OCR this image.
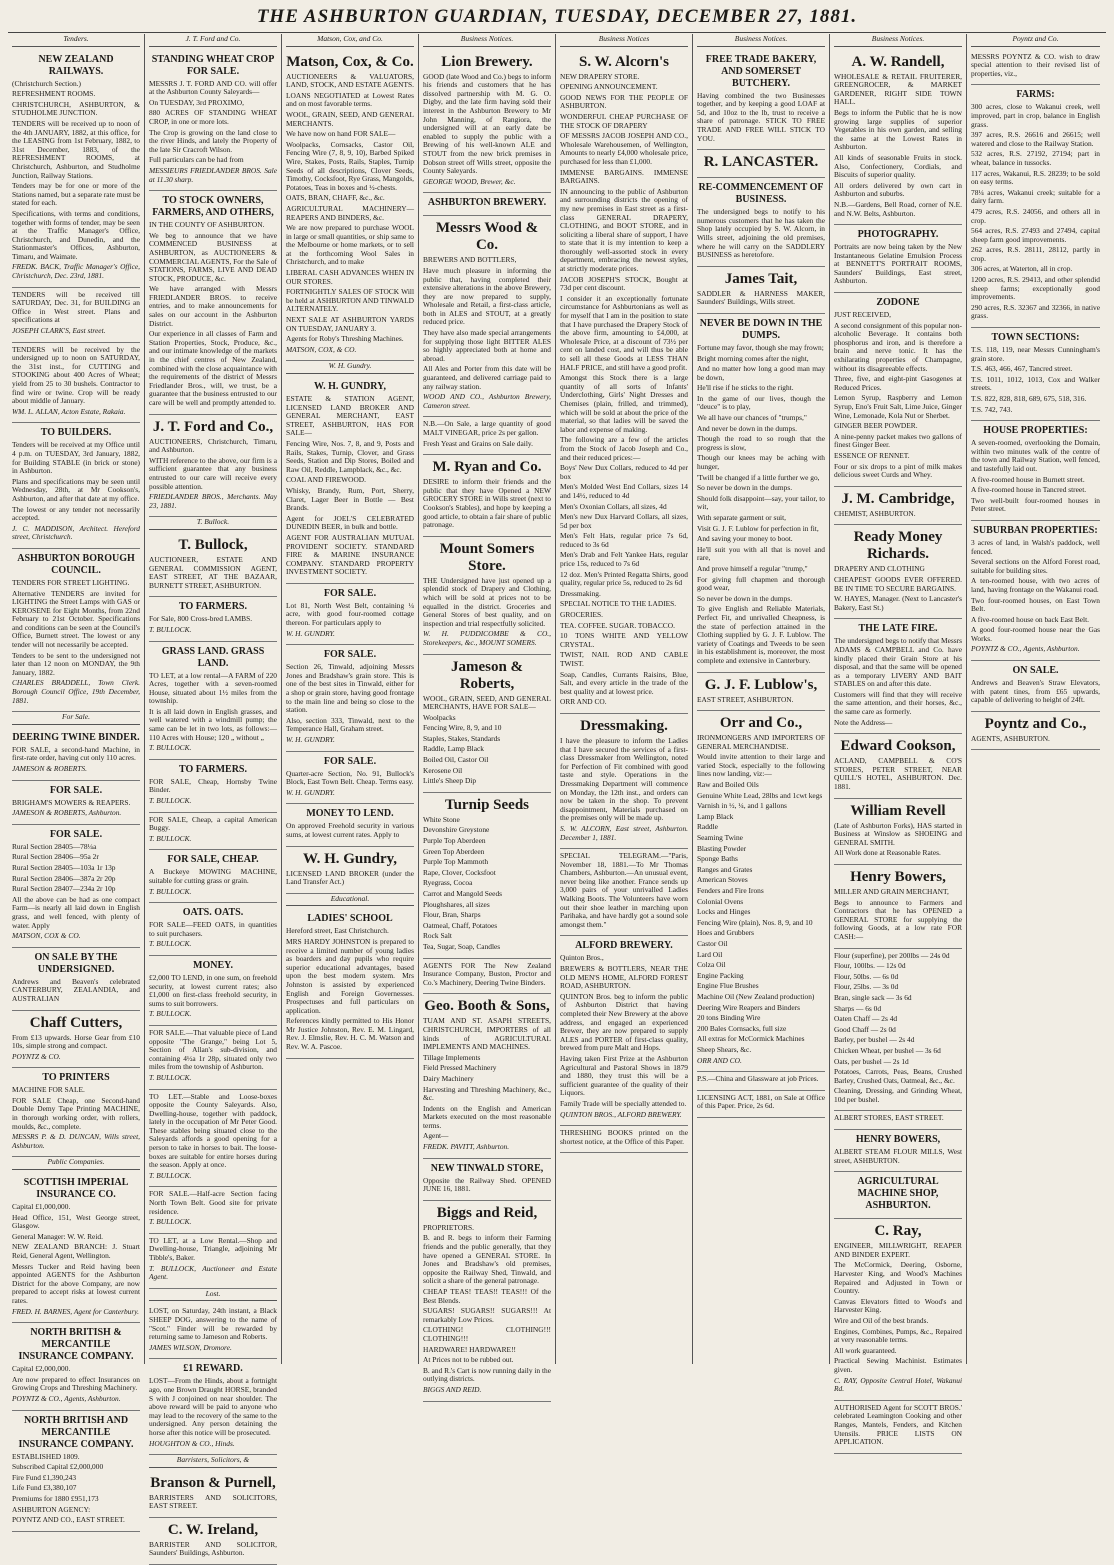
THE ASHBURTON GUARDIAN, TUESDAY, DECEMBER 27, 1881.
Tenders.
NEW ZEALAND RAILWAYS.

(Christchurch Section.)

REFRESHMENT ROOMS.

CHRISTCHURCH, ASHBURTON, & STUDHOLME JUNCTION.

TENDERS will be received up to noon of the 4th JANUARY, 1882, at this office, for the LEASING from 1st February, 1882, to 31st December, 1883, of the REFRESHMENT ROOMS, at Christchurch, Ashburton, and Studholme Junction, Railway Stations.

Tenders may be for one or more of the Stations named, but a separate rate must be stated for each.

Specifications, with terms and conditions, together with forms of tender, may be seen at the Traffic Manager's Office, Christchurch, and Dunedin, and the Stationmaster's Offices, Ashburton, Timaru, and Waimate.

FREDK. BACK, Traffic Manager's Office, Christchurch, Dec. 23rd, 1881.

TENDERS will be received till SATURDAY, Dec. 31, for BUILDING an Office in West street. Plans and specifications at

JOSEPH CLARK'S, East street.

TENDERS will be received by the undersigned up to noon on SATURDAY, the 31st inst., for CUTTING and STOOKING about 400 Acres of Wheat; yield from 25 to 30 bushels. Contractor to find wire or twine. Crop will be ready about middle of January.

WM. L. ALLAN, Acton Estate, Rakaia.

TO BUILDERS.

Tenders will be received at my Office until 4 p.m. on TUESDAY, 3rd January, 1882, for Building STABLE (in brick or stone) in Ashburton.

Plans and specifications may be seen until Wednesday, 28th, at Mr Cookson's, Ashburton, and after that date at my office.

The lowest or any tender not necessarily accepted.

J. C. MADDISON, Architect. Hereford street, Christchurch.

ASHBURTON BOROUGH COUNCIL.

TENDERS FOR STREET LIGHTING.

Alternative TENDERS are invited for LIGHTING the Street Lamps with GAS or KEROSENE for Eight Months, from 22nd February to 21st October. Specifications and conditions can be seen at the Council's Office, Burnett street. The lowest or any tender will not necessarily be accepted.

Tenders to be sent to the undersigned not later than 12 noon on MONDAY, the 9th January, 1882.

CHARLES BRADDELL, Town Clerk. Borough Council Office, 19th December, 1881.

For Sale.
DEERING TWINE BINDER.

FOR SALE, a second-hand Machine, in first-rate order, having cut only 110 acres.

JAMESON & ROBERTS.

FOR SALE.

BRIGHAM'S MOWERS & REAPERS.

JAMESON & ROBERTS, Ashburton.

FOR SALE.

Rural Section 28405—78¼a

Rural Section 28406—95a 2r

Rural Section 28405—103a 1r 13p

Rural Section 28406—387a 2r 20p

Rural Section 28407—234a 2r 10p

All the above can be had as one compact Farm—is nearly all laid down in English grass, and well fenced, with plenty of water. Apply

MATSON, COX & CO.

ON SALE BY THE UNDERSIGNED.

Andrews and Beaven's celebrated CANTERBURY, ZEALANDIA, and AUSTRALIAN

Chaff Cutters,

From £13 upwards. Horse Gear from £10 10s, simple strong and compact.

POYNTZ & CO.

TO PRINTERS

MACHINE FOR SALE.

FOR SALE Cheap, one Second-hand Double Demy Tape Printing MACHINE, in thorough working order, with rollers, moulds, &c., complete.

MESSRS P. & D. DUNCAN, Wills street, Ashburton.

Public Companies.
SCOTTISH IMPERIAL INSURANCE CO.

Capital £1,000,000.

Head Office, 151, West George street, Glasgow.

General Manager: W. W. Reid.

NEW ZEALAND BRANCH: J. Stuart Reid, General Agent, Wellington.

Messrs Tucker and Reid having been appointed AGENTS for the Ashburton District for the above Company, are now prepared to accept risks at lowest current rates.

FRED. H. BARNES, Agent for Canterbury.

NORTH BRITISH & MERCANTILE INSURANCE COMPANY.

Capital £2,000,000.

Are now prepared to effect Insurances on Growing Crops and Threshing Machinery.

POYNTZ & CO., Agents, Ashburton.

NORTH BRITISH AND MERCANTILE INSURANCE COMPANY.

ESTABLISHED 1809.

Subscribed Capital £2,000,000

Fire Fund £1,390,243

Life Fund £3,380,107

Premiums for 1880 £951,173

ASHBURTON AGENCY:

POYNTZ AND CO., EAST STREET.

J. T. Ford and Co.
STANDING WHEAT CROP FOR SALE.

MESSRS J. T. FORD AND CO. will offer at the Ashburton County Saleyards—

On TUESDAY, 3rd PROXIMO,

880 ACRES OF STANDING WHEAT CROP, in one or more lots.

The Crop is growing on the land close to the river Hinds, and lately the Property of the late Sir Cracroft Wilson.

Full particulars can be had from

MESSIEURS FRIEDLANDER BROS. Sale at 11.30 sharp.

TO STOCK OWNERS, FARMERS, AND OTHERS,

IN THE COUNTY OF ASHBURTON.

We beg to announce that we have COMMENCED BUSINESS at ASHBURTON, as AUCTIONEERS & COMMERCIAL AGENTS, For the Sale of STATIONS, FARMS, LIVE AND DEAD STOCK, PRODUCE, &c.

We have arranged with Messrs FRIEDLANDER BROS. to receive entries, and to make announcements for sales on our account in the Ashburton District.

Our experience in all classes of Farm and Station Properties, Stock, Produce, &c., and our intimate knowledge of the markets in the chief centres of New Zealand, combined with the close acquaintance with the requirements of the district of Messrs Friedlander Bros., will, we trust, be a guarantee that the business entrusted to our care will be well and promptly attended to.

J. T. Ford and Co.,

AUCTIONEERS, Christchurch, Timaru, and Ashburton.

WITH reference to the above, our firm is a sufficient guarantee that any business entrusted to our care will receive every possible attention.

FRIEDLANDER BROS., Merchants. May 23, 1881.

T. Bullock.
T. Bullock,

AUCTIONEER, ESTATE AND GENERAL COMMISSION AGENT, EAST STREET, AT THE BAZAAR, BURNETT STREET, ASHBURTON.

TO FARMERS.

For Sale, 800 Cross-bred LAMBS.

T. BULLOCK.

GRASS LAND. GRASS LAND.

TO LET, at a low rental—A FARM of 220 Acres, together with a seven-roomed House, situated about 1½ miles from the township.

It is all laid down in English grasses, and well watered with a windmill pump; the same can be let in two lots, as follows:— 110 Acres with House; 120 „ without „

T. BULLOCK.

TO FARMERS.

FOR SALE, Cheap, Hornsby Twine Binder.

T. BULLOCK.

FOR SALE, Cheap, a capital American Buggy.

T. BULLOCK.

FOR SALE, CHEAP.

A Buckeye MOWING MACHINE, suitable for cutting grass or grain.

T. BULLOCK.

OATS. OATS.

FOR SALE—FEED OATS, in quantities to suit purchasers.

T. BULLOCK.

MONEY.

£2,000 TO LEND, in one sum, on freehold security, at lowest current rates; also £1,000 on first-class freehold security, in sums to suit borrowers.

T. BULLOCK.

FOR SALE.—That valuable piece of Land opposite "The Grange," being Lot 5, Section of Allan's sub-division, and containing 4½a 1r 28p, situated only two miles from the township of Ashburton.

T. BULLOCK.

TO LET.—Stable and Loose-boxes opposite the County Saleyards. Also, Dwelling-house, together with paddock, lately in the occupation of Mr Peter Good. These stables being situated close to the Saleyards affords a good opening for a person to take in horses to bait. The loose-boxes are suitable for entire horses during the season. Apply at once.

T. BULLOCK.

FOR SALE.—Half-acre Section facing North Town Belt. Good site for private residence.

T. BULLOCK.

TO LET, at a Low Rental.—Shop and Dwelling-house, Triangle, adjoining Mr Tibble's, Baker.

T. BULLOCK, Auctioneer and Estate Agent.

Lost.

LOST, on Saturday, 24th instant, a Black SHEEP DOG, answering to the name of "Scot." Finder will be rewarded by returning same to Jameson and Roberts.

JAMES WILSON, Dromore.

£1 REWARD.

LOST—From the Hinds, about a fortnight ago, one Brown Draught HORSE, branded S with J conjoined on near shoulder. The above reward will be paid to anyone who may lead to the recovery of the same to the undersigned. Any person detaining the horse after this notice will be prosecuted.

HOUGHTON & CO., Hinds.

Barristers, Solicitors, &
Branson & Purnell,

BARRISTERS AND SOLICITORS, EAST STREET.

C. W. Ireland,

BARRISTER AND SOLICITOR, Saunders' Buildings, Ashburton.

Matson, Cox, and Co.
Matson, Cox, & Co.

AUCTIONEERS & VALUATORS, LAND, STOCK, AND ESTATE AGENTS.

LOANS NEGOTIATED at Lowest Rates and on most favorable terms.

WOOL, GRAIN, SEED, AND GENERAL MERCHANTS.

We have now on hand FOR SALE—

Woolpacks, Cornsacks, Castor Oil, Fencing Wire (7, 8, 9, 10), Barbed Spiked Wire, Stakes, Posts, Rails, Staples, Turnip Seeds of all descriptions, Clover Seeds, Timothy, Cocksfoot, Rye Grass, Mangolds, Potatoes, Teas in boxes and ½-chests.

OATS, BRAN, CHAFF, &c., &c.

AGRICULTURAL MACHINERY—REAPERS AND BINDERS, &c.

We are now prepared to purchase WOOL in large or small quantities, or ship same to the Melbourne or home markets, or to sell at the forthcoming Wool Sales in Christchurch, and to make

LIBERAL CASH ADVANCES WHEN IN OUR STORES.

FORTNIGHTLY SALES OF STOCK Will be held at ASHBURTON AND TINWALD ALTERNATELY.

NEXT SALE AT ASHBURTON YARDS ON TUESDAY, JANUARY 3.

Agents for Roby's Threshing Machines.

MATSON, COX, & CO.

W. H. Gundry.
W. H. GUNDRY,

ESTATE & STATION AGENT, LICENSED LAND BROKER AND GENERAL MERCHANT, EAST STREET, ASHBURTON, HAS FOR SALE—

Fencing Wire, Nos. 7, 8, and 9, Posts and Rails, Stakes, Turnip, Clover, and Grass Seeds, Station and Dip Stores, Boiled and Raw Oil, Reddle, Lampblack, &c., &c.

COAL AND FIREWOOD.

Whisky, Brandy, Rum, Port, Sherry, Claret, Lager Beer in Bottle — Best Brands.

Agent for JOEL'S CELEBRATED DUNEDIN BEER, in bulk and bottle.

AGENT FOR AUSTRALIAN MUTUAL PROVIDENT SOCIETY. STANDARD FIRE & MARINE INSURANCE COMPANY. STANDARD PROPERTY INVESTMENT SOCIETY.

FOR SALE.

Lot 81, North West Belt, containing ¼ acre, with good four-roomed cottage thereon. For particulars apply to

W. H. GUNDRY.

FOR SALE.

Section 26, Tinwald, adjoining Messrs Jones and Bradshaw's grain store. This is one of the best sites in Tinwald, either for a shop or grain store, having good frontage to the main line and being so close to the station.

Also, section 333, Tinwald, next to the Temperance Hall, Graham street.

W. H. GUNDRY.

FOR SALE.

Quarter-acre Section, No. 91, Bullock's Block, East Town Belt. Cheap. Terms easy.

W. H. GUNDRY.

MONEY TO LEND.

On approved Freehold security in various sums, at lowest current rates. Apply to

W. H. Gundry,

LICENSED LAND BROKER (under the Land Transfer Act.)

Educational.
LADIES' SCHOOL

Hereford street, East Christchurch.

MRS HARDY JOHNSTON is prepared to receive a limited number of young ladies as boarders and day pupils who require superior educational advantages, based upon the best modern system. Mrs Johnston is assisted by experienced English and Foreign Governesses. Prospectuses and full particulars on application.

References kindly permitted to His Honor Mr Justice Johnston, Rev. E. M. Lingard, Rev. J. Elmslie, Rev. H. C. M. Watson and Rev. W. A. Pascoe.

Business Notices.
Lion Brewery.

GOOD (late Wood and Co.) begs to inform his friends and customers that he has dissolved partnership with M. G. O. Digby, and the late firm having sold their interest in the Ashburton Brewery to Mr John Manning, of Rangiora, the undersigned will at an early date be enabled to supply the public with a Brewing of his well-known ALE and STOUT from the new brick premises in Dobson street off Wills street, opposite the County Saleyards.

GEORGE WOOD, Brewer, &c.

ASHBURTON BREWERY.
Messrs Wood & Co.

BREWERS AND BOTTLERS,

Have much pleasure in informing the public that, having completed their extensive alterations in the above Brewery, they are now prepared to supply, Wholesale and Retail, a first-class article, both in ALES and STOUT, at a greatly reduced price.

They have also made special arrangements for supplying those light BITTER ALES so highly appreciated both at home and abroad.

All Ales and Porter from this date will be guaranteed, and delivered carriage paid to any railway station.

WOOD AND CO., Ashburton Brewery, Cameron street.

N.B.—On Sale, a large quantity of good MALT VINEGAR, price 2s per gallon.

Fresh Yeast and Grains on Sale daily.

M. Ryan and Co.

DESIRE to inform their friends and the public that they have Opened a NEW GROCERY STORE in Wills street (next to Cookson's Stables), and hope by keeping a good article, to obtain a fair share of public patronage.

Mount Somers Store.

THE Undersigned have just opened up a splendid stock of Drapery and Clothing, which will be sold at prices not to be equalled in the district. Groceries and General Stores of best quality, and on inspection and trial respectfully solicited.

W. H. PUDDICOMBE & CO., Storekeepers, &c., MOUNT SOMERS.

Jameson & Roberts,

WOOL, GRAIN, SEED, AND GENERAL MERCHANTS, HAVE FOR SALE—

Woolpacks

Fencing Wire, 8, 9, and 10

Staples, Stakes, Standards

Raddle, Lamp Black

Boiled Oil, Castor Oil

Kerosene Oil

Little's Sheep Dip

Turnip Seeds

White Stone

Devonshire Greystone

Purple Top Aberdeen

Green Top Aberdeen

Purple Top Mammoth

Rape, Clover, Cocksfoot

Ryegrass, Cocoa

Carrot and Mangold Seeds

Ploughshares, all sizes

Flour, Bran, Sharps

Oatmeal, Chaff, Potatoes

Rock Salt

Tea, Sugar, Soap, Candles

AGENTS FOR The New Zealand Insurance Company, Buston, Proctor and Co.'s Machinery, Deering Twine Binders.

Geo. Booth & Sons,

TUAM AND ST. ASAPH STREETS, CHRISTCHURCH, IMPORTERS of all kinds of AGRICULTURAL IMPLEMENTS AND MACHINES.

Tillage Implements

Field Pressed Machinery

Dairy Machinery

Harvesting and Threshing Machinery, &c., &c.

Indents on the English and American Markets executed on the most reasonable terms.

Agent—

FREDK. PAVITT, Ashburton.

NEW TINWALD STORE,

Opposite the Railway Shed. OPENED JUNE 16, 1881.

Biggs and Reid,

PROPRIETORS.

B. and R. begs to inform their Farming friends and the public generally, that they have opened a GENERAL STORE. In Jones and Bradshaw's old premises, opposite the Railway Shed, Tinwald, and solicit a share of the general patronage.

CHEAP TEAS! TEAS!! TEAS!!! Of the Best Blends.

SUGARS! SUGARS!! SUGARS!!! At remarkably Low Prices.

CLOTHING! CLOTHING!!! CLOTHING!!!

HARDWARE! HARDWARE!!

At Prices not to be rubbed out.

B. and R.'s Cart is now running daily in the outlying districts.

BIGGS AND REID.

Business Notices
S. W. Alcorn's

NEW DRAPERY STORE.

OPENING ANNOUNCEMENT.

GOOD NEWS FOR THE PEOPLE OF ASHBURTON.

WONDERFUL CHEAP PURCHASE OF THE STOCK OF DRAPERY

OF MESSRS JACOB JOSEPH AND CO., Wholesale Warehousemen, of Wellington, Amounts to nearly £4,000 wholesale price, purchased for less than £1,000.

IMMENSE BARGAINS. IMMENSE BARGAINS.

IN announcing to the public of Ashburton and surrounding districts the opening of my new premises in East street as a first-class GENERAL DRAPERY, CLOTHING, and BOOT STORE, and in soliciting a liberal share of support, I have to state that it is my intention to keep a thoroughly well-assorted stock in every department, embracing the newest styles, at strictly moderate prices.

JACOB JOSEPH'S STOCK, Bought at 73d per cent discount.

I consider it an exceptionally fortunate circumstance for Ashburtonians as well as for myself that I am in the position to state that I have purchased the Drapery Stock of the above firm, amounting to £4,000, at Wholesale Price, at a discount of 73½ per cent on landed cost, and will thus be able to sell all these Goods at LESS THAN HALF PRICE, and still have a good profit.

Amongst this Stock there is a large quantity of all sorts of Infants' Underclothing, Girls' Night Dresses and Chemises (plain, frilled, and trimmed), which will be sold at about the price of the material, so that ladies will be saved the labor and expense of making.

The following are a few of the articles from the Stock of Jacob Joseph and Co., and their reduced prices:—

Boys' New Dux Collars, reduced to 4d per box

Men's Molded West End Collars, sizes 14 and 14½, reduced to 4d

Men's Oxonian Collars, all sizes, 4d

Men's new Dux Harvard Collars, all sizes, 5d per box

Men's Felt Hats, regular price 7s 6d, reduced to 3s 6d

Men's Drab and Felt Yankee Hats, regular price 15s, reduced to 7s 6d

12 doz. Men's Printed Regatta Shirts, good quality, regular price 5s, reduced to 2s 6d

Dressmaking.

SPECIAL NOTICE TO THE LADIES.

GROCERIES.

TEA. COFFEE. SUGAR. TOBACCO.

10 TONS WHITE AND YELLOW CRYSTAL.

TWIST, NAIL ROD AND CABLE TWIST.

Soap, Candles, Currants Raisins, Blue, Salt, and every article in the trade of the best quality and at lowest price.

ORR AND CO.

Dressmaking.

I have the pleasure to inform the Ladies that I have secured the services of a first-class Dressmaker from Wellington, noted for Perfection of Fit combined with good taste and style. Operations in the Dressmaking Department will commence on Monday, the 12th inst., and orders can now be taken in the shop. To prevent disappointment, Materials purchased on the premises only will be made up.

S. W. ALCORN, East street, Ashburton. December 1, 1881.

SPECIAL TELEGRAM.—"Paris, November 18, 1881.—To Mr Thomas Chambers, Ashburton.—An unusual event, never being like another. France sends up 3,000 pairs of your unrivalled Ladies Walking Boots. The Volunteers have worn out their shoe leather in marching upon Parihaka, and have hardly got a sound sole amongst them."

ALFORD BREWERY.

Quinton Bros.,

BREWERS & BOTTLERS, NEAR THE OLD MEN'S HOME, ALFORD FOREST ROAD, ASHBURTON.

QUINTON Bros. beg to inform the public of Ashburton District that having completed their New Brewery at the above address, and engaged an experienced Brewer, they are now prepared to supply ALES and PORTER of first-class quality, brewed from pure Malt and Hops.

Having taken First Prize at the Ashburton Agricultural and Pastoral Shows in 1879 and 1880, they trust this will be a sufficient guarantee of the quality of their Liquors.

Family Trade will be specially attended to.

QUINTON BROS., ALFORD BREWERY.

THRESHING BOOKS printed on the shortest notice, at the Office of this Paper.

Business Notices.
FREE TRADE BAKERY, AND SOMERSET BUTCHERY.

Having combined the two Businesses together, and by keeping a good LOAF at 5d, and 10oz to the lb, trust to receive a share of patronage. STICK TO FREE TRADE AND FREE WILL STICK TO YOU.

R. LANCASTER.
RE-COMMENCEMENT OF BUSINESS.

The undersigned begs to notify to his numerous customers that he has taken the Shop lately occupied by S. W. Alcorn, in Wills street, adjoining the old premises, where he will carry on the SADDLERY BUSINESS as heretofore.

James Tait,

SADDLER & HARNESS MAKER, Saunders' Buildings, Wills street.

NEVER BE DOWN IN THE DUMPS.

Fortune may favor, though she may frown;

Bright morning comes after the night,

And no matter how long a good man may be down,

He'll rise if he sticks to the right.

In the game of our lives, though the "deuce" is to play,

We all have our chances of "trumps,"

And never be down in the dumps.

Though the road to so rough that the progress is slow,

Though our knees may be aching with hunger,

'Twill be changed if a little further we go,

So never be down in the dumps.

Should folk disappoint—say, your tailor, to wit,

With separate garment or suit,

Visit G. J. F. Lublow for perfection in fit,

And saving your money to boot.

He'll suit you with all that is novel and rare,

And prove himself a regular "trump,"

For giving full chapmen and thorough good wear,

So never be down in the dumps.

To give English and Reliable Materials, Perfect Fit, and unrivalled Cheapness, is the state of perfection attained in the Clothing supplied by G. J. F. Lublow. The variety of Coatings and Tweeds to be seen in his establishment is, moreover, the most complete and extensive in Canterbury.

G. J. F. Lublow's,

EAST STREET, ASHBURTON.

Orr and Co.,

IRONMONGERS AND IMPORTERS OF GENERAL MERCHANDISE.

Would invite attention to their large and varied Stock, especially to the following lines now landing, viz:—

Raw and Boiled Oils

Genuine White Lead, 28lbs and 1cwt kegs

Varnish in ½, ¼, and 1 gallons

Lamp Black

Raddle

Seaming Twine

Blasting Powder

Sponge Baths

Ranges and Grates

American Stoves

Fenders and Fire Irons

Colonial Ovens

Locks and Hinges

Fencing Wire (plain), Nos. 8, 9, and 10

Hoes and Grubbers

Castor Oil

Lard Oil

Colza Oil

Engine Packing

Engine Flue Brushes

Machine Oil (New Zealand production)

Deering Wire Reapers and Binders

20 tons Binding Wire

200 Bales Cornsacks, full size

All extras for McCormick Machines

Sheep Shears, &c.

ORR AND CO.

P.S.—China and Glassware at job Prices.

LICENSING ACT, 1881, on Sale at Office of this Paper. Price, 2s 6d.

Business Notices.
A. W. Randell,

WHOLESALE & RETAIL FRUITERER, GREENGROCER, & MARKET GARDENER, RIGHT SIDE TOWN HALL.

Begs to inform the Public that he is now growing large supplies of superior Vegetables in his own garden, and selling the same at the Lowest Rates in Ashburton.

All kinds of seasonable Fruits in stock. Also, Confectionery, Cordials, and Biscuits of superior quality.

All orders delivered by own cart in Ashburton and suburbs.

N.B.—Gardens, Bell Road, corner of N.E. and N.W. Belts, Ashburton.

PHOTOGRAPHY.

Portraits are now being taken by the New Instantaneous Gelatine Emulsion Process at BENNETT'S PORTRAIT ROOMS, Saunders' Buildings, East street, Ashburton.

ZODONE

JUST RECEIVED,

A second consignment of this popular non-alcoholic Beverage. It contains both phosphorus and iron, and is therefore a brain and nerve tonic. It has the exhilarating properties of Champagne, without its disagreeable effects.

Three, five, and eight-pint Gasogenes at Reduced Prices.

Lemon Syrup, Raspberry and Lemon Syrup, Eno's Fruit Salt, Lime Juice, Ginger Wine, Lemonade, Kola Nut or Sherbet.

GINGER BEER POWDER.

A nine-penny packet makes two gallons of finest Ginger Beer.

ESSENCE OF RENNET.

Four or six drops to a pint of milk makes delicious sweet Curds and Whey.

J. M. Cambridge,

CHEMIST, ASHBURTON.

Ready Money Richards.

DRAPERY AND CLOTHING

CHEAPEST GOODS EVER OFFERED. BE IN TIME TO SECURE BARGAINS.

W. HAYES, Manager. (Next to Lancaster's Bakery, East St.)

THE LATE FIRE.

The undersigned begs to notify that Messrs ADAMS & CAMPBELL and Co. have kindly placed their Grain Store at his disposal, and that the same will be opened as a temporary LIVERY AND BAIT STABLES on and after this date.

Customers will find that they will receive the same attention, and their horses, &c., the same care as formerly.

Note the Address—

Edward Cookson,

ACLAND, CAMPBELL & CO'S STORES, PETER STREET, NEAR QUILL'S HOTEL, ASHBURTON. Dec. 1881.

William Revell

(Late of Ashburton Forks), HAS started in Business at Winslow as SHOEING and GENERAL SMITH.

All Work done at Reasonable Rates.

Henry Bowers,

MILLER AND GRAIN MERCHANT,

Begs to announce to Farmers and Contractors that he has OPENED a GENERAL STORE for supplying the following Goods, at a low rate FOR CASH:—

Flour (superfine), per 200lbs — 24s 0d

Flour, 100lbs. — 12s 0d

Flour, 50lbs. — 6s 0d

Flour, 25lbs. — 3s 0d

Bran, single sack — 3s 6d

Sharps — 6s 0d

Oaten Chaff — 2s 4d

Good Chaff — 2s 0d

Barley, per bushel — 2s 4d

Chicken Wheat, per bushel — 3s 6d

Oats, per bushel — 2s 1d

Potatoes, Carrots, Peas, Beans, Crushed Barley, Crushed Oats, Oatmeal, &c., &c.

Cleaning, Dressing, and Grinding Wheat, 10d per bushel.

ALBERT STORES, EAST STREET.

HENRY BOWERS,

ALBERT STEAM FLOUR MILLS, West street, ASHBURTON.

AGRICULTURAL MACHINE SHOP, ASHBURTON.
C. Ray,

ENGINEER, MILLWRIGHT, REAPER AND BINDER EXPERT.

The McCormick, Deering, Osborne, Harvester King, and Wood's Machines Repaired and Adjusted in Town or Country.

Canvas Elevators fitted to Wood's and Harvester King.

Wire and Oil of the best brands.

Engines, Combines, Pumps, &c., Repaired at very reasonable terms.

All work guaranteed.

Practical Sewing Machinist. Estimates given.

C. RAY, Opposite Central Hotel, Wakanui Rd.

AUTHORISED Agent for SCOTT BROS.' celebrated Leamington Cooking and other Ranges, Mantels, Fenders, and Kitchen Utensils. PRICE LISTS ON APPLICATION.

Poyntz and Co.

MESSRS POYNTZ & CO. wish to draw special attention to their revised list of properties, viz.,

FARMS:

300 acres, close to Wakanui creek, well improved, part in crop, balance in English grass.

397 acres, R.S. 26616 and 26615; well watered and close to the Railway Station.

532 acres, R.S. 27192, 27194; part in wheat, balance in tussocks.

117 acres, Wakanui, R.S. 28239; to be sold on easy terms.

78¼ acres, Wakanui creek; suitable for a dairy farm.

479 acres, R.S. 24056, and others all in crop.

564 acres, R.S. 27493 and 27494, capital sheep farm good improvements.

262 acres, R.S. 28111, 28112, partly in crop.

306 acres, at Waterton, all in crop.

1200 acres, R.S. 29413, and other splendid sheep farms; exceptionally good improvements.

290 acres, R.S. 32367 and 32366, in native grass.

TOWN SECTIONS:

T.S. 118, 119, near Messrs Cunningham's grain store.

T.S. 463, 466, 467, Tancred street.

T.S. 1011, 1012, 1013, Cox and Walker streets.

T.S. 822, 828, 818, 689, 675, 518, 316.

T.S. 742, 743.

HOUSE PROPERTIES:

A seven-roomed, overlooking the Domain, within two minutes walk of the centre of the town and Railway Station, well fenced, and tastefully laid out.

A five-roomed house in Burnett street.

A five-roomed house in Tancred street.

Two well-built four-roomed houses in Peter street.

SUBURBAN PROPERTIES:

3 acres of land, in Walsh's paddock, well fenced.

Several sections on the Alford Forest road, suitable for building sites.

A ten-roomed house, with two acres of land, having frontage on the Wakanui road.

Two four-roomed houses, on East Town Belt.

A five-roomed house on back East Belt.

A good four-roomed house near the Gas Works.

POYNTZ & CO., Agents, Ashburton.

ON SALE.

Andrews and Beaven's Straw Elevators, with patent tines, from £65 upwards, capable of delivering to height of 24ft.

Poyntz and Co.,

AGENTS, ASHBURTON.
